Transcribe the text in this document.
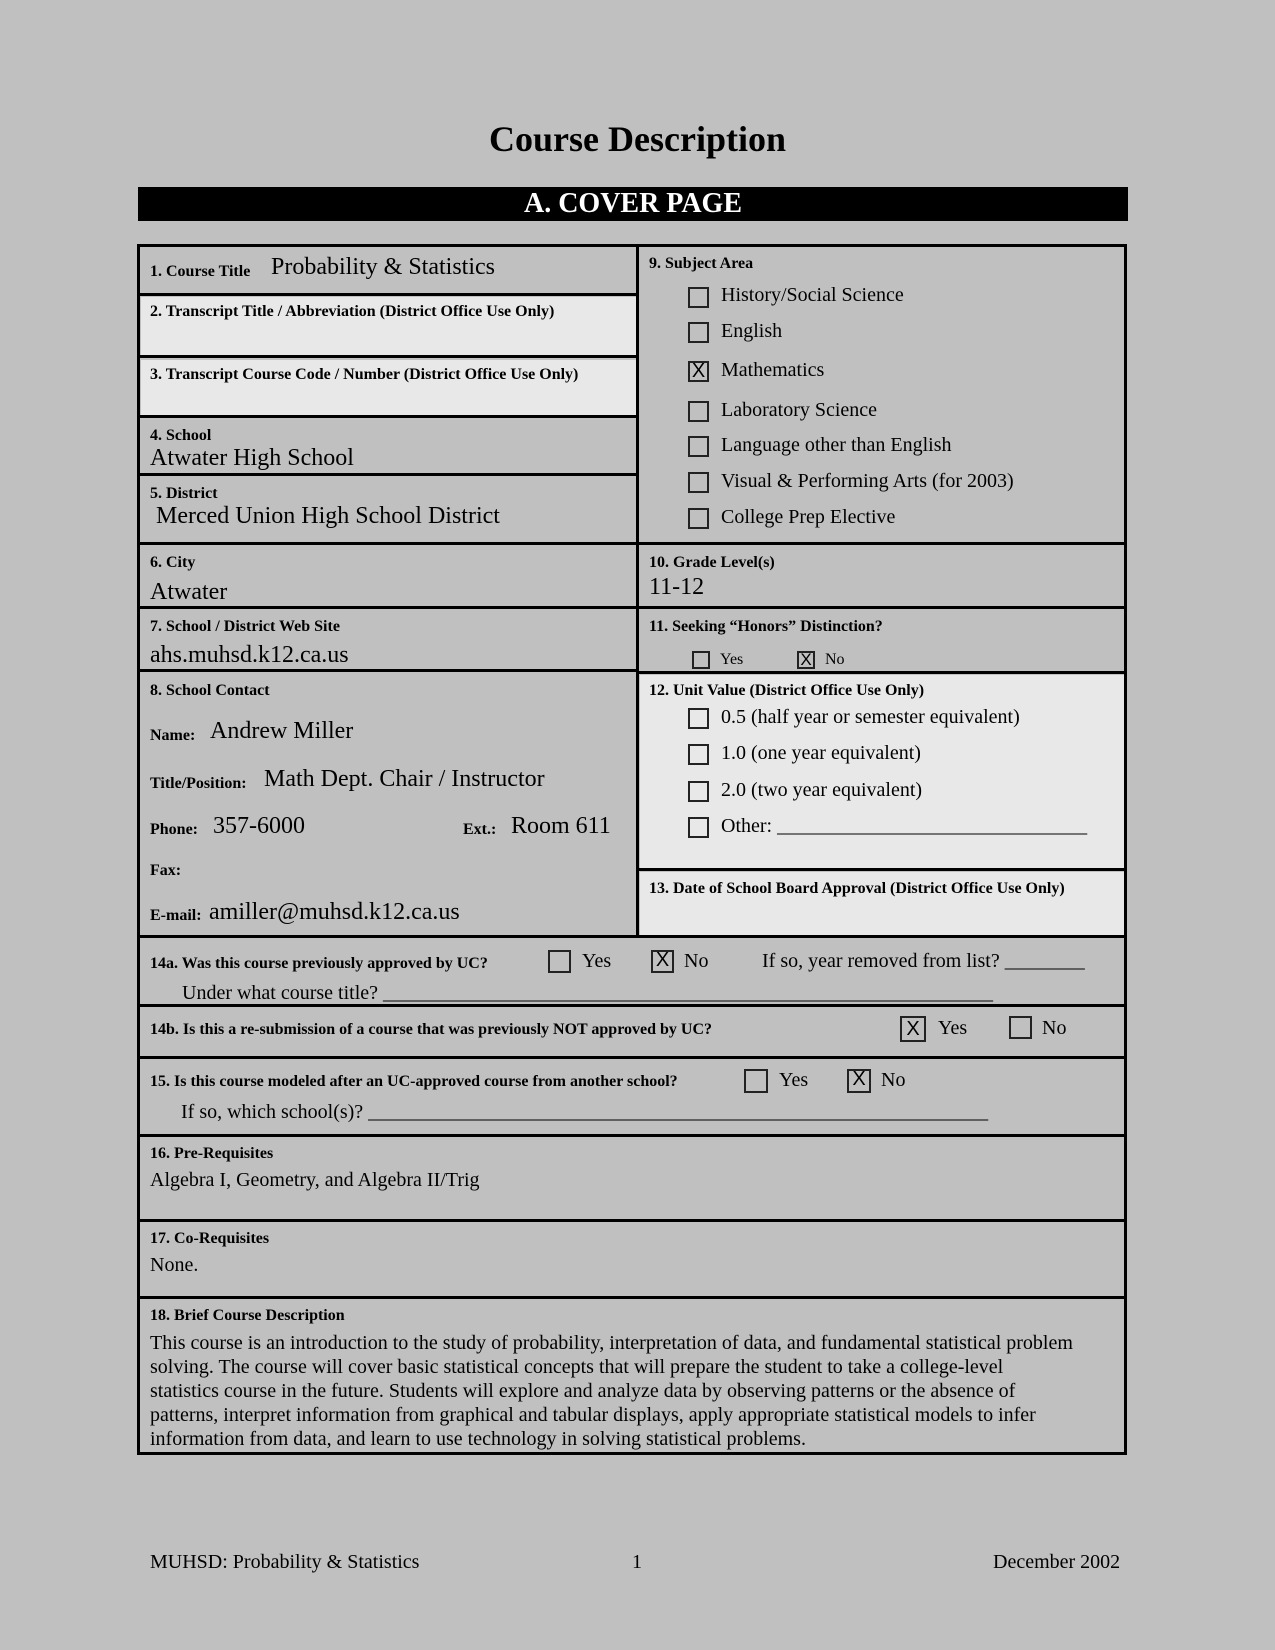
Course Description
A. COVER PAGE
1. Course Title Probability & Statistics
2. Transcript Title / Abbreviation (District Office Use Only)
3. Transcript Course Code / Number (District Office Use Only)
4. School
Atwater High School
5. District
Merced Union High School District
6. City
Atwater
7. School / District Web Site
ahs.muhsd.k12.ca.us
8. School Contact
Name: Andrew Miller
Title/Position: Math Dept. Chair / Instructor
Phone: 357-6000	Ext.: Room 611
Fax:
E-mail: amiller@muhsd.k12.ca.us
9. Subject Area
History/Social Science
English
X Mathematics
Laboratory Science
Language other than English
Visual & Performing Arts (for 2003)
College Prep Elective
10. Grade Level(s)
11-12
11. Seeking “Honors” Distinction?
Yes	X No
12. Unit Value (District Office Use Only)
0.5 (half year or semester equivalent)
1.0 (one year equivalent)
2.0 (two year equivalent)
Other: _______________________________
13. Date of School Board Approval (District Office Use Only)
14a. Was this course previously approved by UC?	Yes X No	If so, year removed from list? ________
Under what course title? _____________________________________________________________
14b. Is this a re-submission of a course that was previously NOT approved by UC?	X Yes	No
15. Is this course modeled after an UC-approved course from another school?	Yes X No
If so, which school(s)? ______________________________________________________________
16. Pre-Requisites
Algebra I, Geometry, and Algebra II/Trig
17. Co-Requisites
None.
18. Brief Course Description
This course is an introduction to the study of probability, interpretation of data, and fundamental statistical problem
solving. The course will cover basic statistical concepts that will prepare the student to take a college-level
statistics course in the future. Students will explore and analyze data by observing patterns or the absence of
patterns, interpret information from graphical and tabular displays, apply appropriate statistical models to infer
information from data, and learn to use technology in solving statistical problems.
MUHSD: Probability & Statistics	1	December 2002
